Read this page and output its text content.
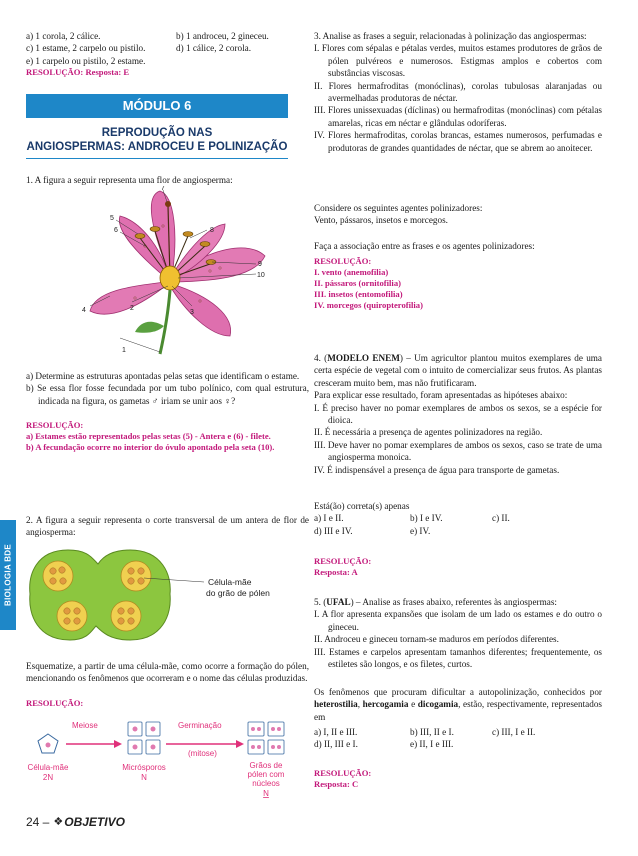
a) 1 corola, 2 cálice.	b) 1 androceu, 2 gineceu.
c) 1 estame, 2 carpelo ou pistilo.	d) 1 cálice, 2 corola.
e) 1 carpelo ou pistilo, 2 estame.
RESOLUÇÃO: Resposta: E
MÓDULO 6
REPRODUÇÃO NAS
ANGIOSPERMAS: ANDROCEU E POLINIZAÇÃO
1. A figura a seguir representa uma flor de angiosperma:
1
2
3
4
5
6
7
8
9
10
a) Determine as estruturas apontadas pelas setas que identificam o estame.
b) Se essa flor fosse fecundada por um tubo polínico, com qual estrutura, indicada na figura, os gametas ♂ iriam se unir aos ♀?
RESOLUÇÃO:
a) Estames estão representados pelas setas (5) - Antera e (6) - filete.
b) A fecundação ocorre no interior do óvulo apontado pela seta (10).
2. A figura a seguir representa o corte transversal de um antera de flor de angiosperma:
Célula-mãe
do grão de pólen
Esquematize, a partir de uma célula-mãe, como ocorre a formação do pólen, mencionando os fenômenos que ocorreram e o nome das células produzidas.
RESOLUÇÃO:
Meiose	Germinação
(mitose)
Célula-mãe
2N
Micrósporos
N
Grãos de
pólen com
núcleos
N
BIOLOGIA BDE
24 – ❖ OBJETIVO
3. Analise as frases a seguir, relacionadas à polinização das angiospermas:
I. Flores com sépalas e pétalas verdes, muitos estames produtores de grãos de pólen pulvéreos e numerosos. Estigmas amplos e cobertos com substâncias viscosas.
II. Flores hermafroditas (monóclinas), corolas tubulosas alaranjadas ou avermelhadas produtoras de néctar.
III. Flores unissexuadas (díclinas) ou hermafroditas (monóclinas) com pétalas amarelas, ricas em néctar e glândulas odoríferas.
IV. Flores hermafroditas, corolas brancas, estames numerosos, perfumadas e produtoras de grandes quantidades de néctar, que se abrem ao anoitecer.
Considere os seguintes agentes polinizadores:
Vento, pássaros, insetos e morcegos.
Faça a associação entre as frases e os agentes polinizadores:
RESOLUÇÃO:
I. vento (anemofilia)
II. pássaros (ornitofilia)
III. insetos (entomofilia)
IV. morcegos (quiropterofilia)
4. (MODELO ENEM) – Um agricultor plantou muitos exemplares de uma certa espécie de vegetal com o intuito de comercializar seus frutos. As plantas cresceram muito bem, mas não frutificaram.
Para explicar esse resultado, foram apresentadas as hipóteses abaixo:
I. É preciso haver no pomar exemplares de ambos os sexos, se a espécie for dioica.
II. É necessária a presença de agentes polinizadores na região.
III. Deve haver no pomar exemplares de ambos os sexos, caso se trate de uma angiosperma monoica.
IV. É indispensável a presença de água para transporte de gametas.
Está(ão) correta(s) apenas
a) I e II.	b) I e IV.	c) II.
d) III e IV.	e) IV.
RESOLUÇÃO:
Resposta: A
5. (UFAL) – Analise as frases abaixo, referentes às angiospermas:
I. A flor apresenta expansões que isolam de um lado os estames e do outro o gineceu.
II. Androceu e gineceu tornam-se maduros em períodos diferentes.
III. Estames e carpelos apresentam tamanhos diferentes; frequentemente, os estiletes são longos, e os filetes, curtos.
Os fenômenos que procuram dificultar a autopolinização, conhecidos por heterostilia, hercogamia e dicogamia, estão, respectivamente, representados em
a) I, II e III.	b) III, II e I.	c) III, I e II.
d) II, III e I.	e) II, I e III.
RESOLUÇÃO:
Resposta: C
